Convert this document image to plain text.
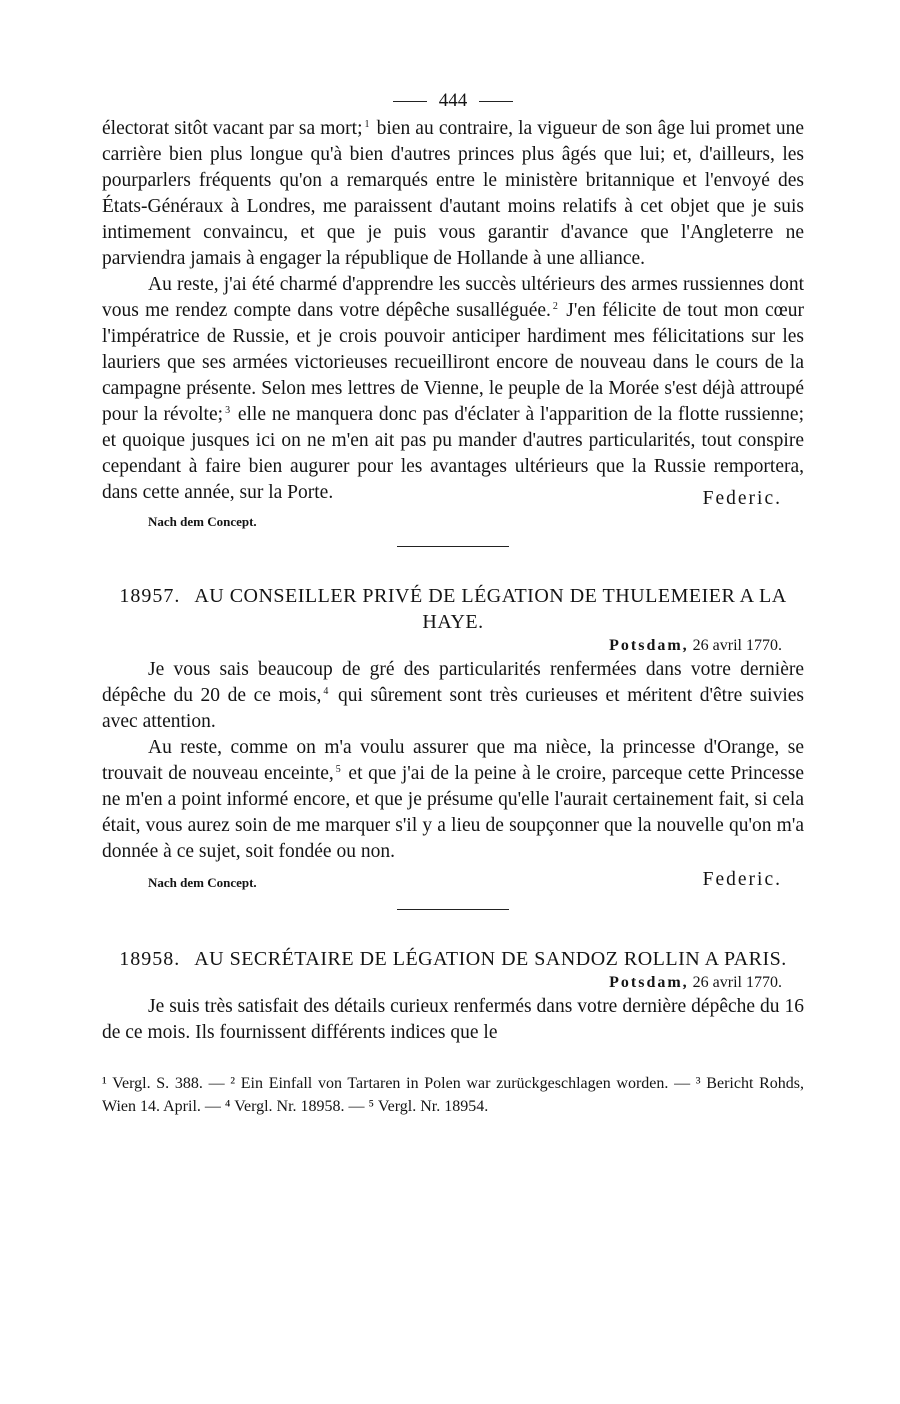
444

électorat sitôt vacant par sa mort; $^1$ bien au contraire, la vigueur de son âge lui promet une carrière bien plus longue qu'à bien d'autres princes plus âgés que lui; et, d'ailleurs, les pourparlers fréquents qu'on a remarqués entre le ministère britannique et l'envoyé des États-Généraux à Londres, me paraissent d'autant moins relatifs à cet objet que je suis intimement convaincu, et que je puis vous garantir d'avance que l'Angleterre ne parviendra jamais à engager la république de Hollande à une alliance.

Au reste, j'ai été charmé d'apprendre les succès ultérieurs des armes russiennes dont vous me rendez compte dans votre dépêche susalléguée. $^2$ J'en félicite de tout mon cœur l'impératrice de Russie, et je crois pouvoir anticiper hardiment mes félicitations sur les lauriers que ses armées victorieuses recueilliront encore de nouveau dans le cours de la campagne présente. Selon mes lettres de Vienne, le peuple de la Morée s'est déjà attroupé pour la révolte; $^3$ elle ne manquera donc pas d'éclater à l'apparition de la flotte russienne; et quoique jusques ici on ne m'en ait pas pu mander d'autres particularités, tout conspire cependant à faire bien augurer pour les avantages ultérieurs que la Russie remportera, dans cette année, sur la Porte.	Federic.
Nach dem Concept.
18957. AU CONSEILLER PRIVÉ DE LÉGATION DE THULEMEIER A LA HAYE.
Potsdam, 26 avril 1770.

Je vous sais beaucoup de gré des particularités renfermées dans votre dernière dépêche du 20 de ce mois, $^4$ qui sûrement sont très curieuses et méritent d'être suivies avec attention.

Au reste, comme on m'a voulu assurer que ma nièce, la princesse d'Orange, se trouvait de nouveau enceinte, $^5$ et que j'ai de la peine à le croire, parceque cette Princesse ne m'en a point informé encore, et que je présume qu'elle l'aurait certainement fait, si cela était, vous aurez soin de me marquer s'il y a lieu de soupçonner que la nouvelle qu'on m'a donnée à ce sujet, soit fondée ou non.

Nach dem Concept.	Federic.
18958. AU SECRÉTAIRE DE LÉGATION DE SANDOZ ROLLIN A PARIS.
Potsdam, 26 avril 1770.

Je suis très satisfait des détails curieux renfermés dans votre dernière dépêche du 16 de ce mois. Ils fournissent différents indices que le

¹ Vergl. S. 388. — ² Ein Einfall von Tartaren in Polen war zurückgeschlagen worden. — ³ Bericht Rohds, Wien 14. April. — ⁴ Vergl. Nr. 18958. — ⁵ Vergl. Nr. 18954.
